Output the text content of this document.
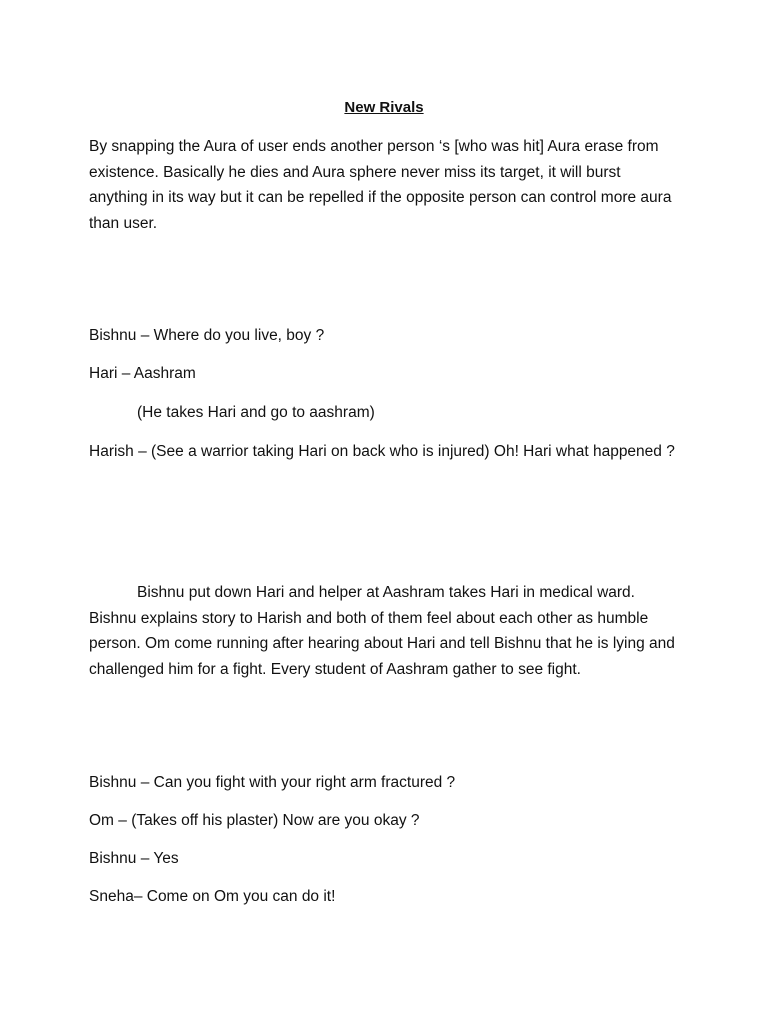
New Rivals

By snapping the Aura of user ends another person ‘s [who was hit] Aura erase from existence. Basically he dies and Aura sphere never miss its target, it will burst anything in its way but it can be repelled if the opposite person can control more aura than user.

Bishnu – Where do you live, boy ?

Hari – Aashram

(He takes Hari and go to aashram)

Harish – (See a warrior taking Hari on back who is injured) Oh! Hari what happened ?

Bishnu put down Hari and helper at Aashram takes Hari in medical ward. Bishnu explains story to Harish and both of them feel about each other as humble person. Om come running after hearing about Hari and tell Bishnu that he is lying and challenged him for a fight. Every student of Aashram gather to see fight.

Bishnu – Can you fight with your right arm fractured ?

Om – (Takes off his plaster) Now are you okay ?

Bishnu – Yes

Sneha– Come on Om you can do it!
